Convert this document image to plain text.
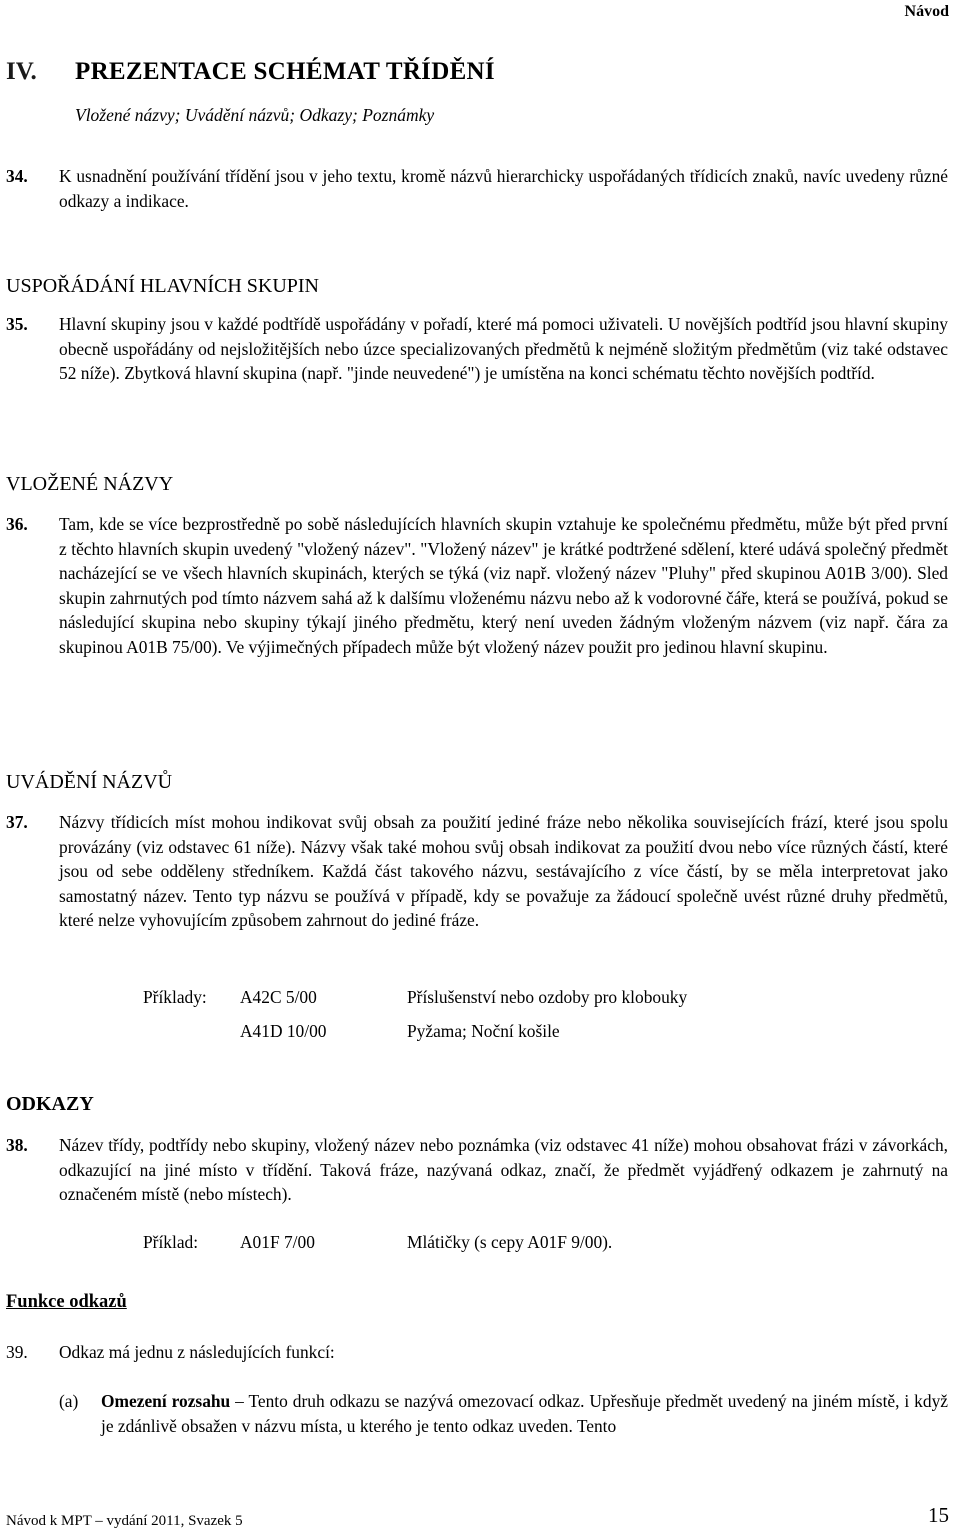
Návod
IV. PREZENTACE SCHÉMAT TŘÍDĚNÍ
Vložené názvy; Uvádění názvů; Odkazy; Poznámky
34. K usnadnění používání třídění jsou v jeho textu, kromě názvů hierarchicky uspořádaných třídicích znaků, navíc uvedeny různé odkazy a indikace.
USPOŘÁDÁNÍ HLAVNÍCH SKUPIN
35. Hlavní skupiny jsou v každé podtřídě uspořádány v pořadí, které má pomoci uživateli. U novějších podtříd jsou hlavní skupiny obecně uspořádány od nejsložitějších nebo úzce specializovaných předmětů k nejméně složitým předmětům (viz také odstavec 52 níže). Zbytková hlavní skupina (např. "jinde neuvedené") je umístěna na konci schématu těchto novějších podtříd.
VLOŽENÉ NÁZVY
36. Tam, kde se více bezprostředně po sobě následujících hlavních skupin vztahuje ke společnému předmětu, může být před první z těchto hlavních skupin uvedený "vložený název". "Vložený název" je krátké podtržené sdělení, které udává společný předmět nacházející se ve všech hlavních skupinách, kterých se týká (viz např. vložený název "Pluhy" před skupinou A01B 3/00). Sled skupin zahrnutých pod tímto názvem sahá až k dalšímu vloženému názvu nebo až k vodorovné čáře, která se používá, pokud se následující skupina nebo skupiny týkají jiného předmětu, který není uveden žádným vloženým názvem (viz např. čára za skupinou A01B 75/00). Ve výjimečných případech může být vložený název použit pro jedinou hlavní skupinu.
UVÁDĚNÍ NÁZVŮ
37. Názvy třídicích míst mohou indikovat svůj obsah za použití jediné fráze nebo několika souvisejících frází, které jsou spolu provázány (viz odstavec 61 níže). Názvy však také mohou svůj obsah indikovat za použití dvou nebo více různých částí, které jsou od sebe odděleny středníkem. Každá část takového názvu, sestávajícího z více částí, by se měla interpretovat jako samostatný název. Tento typ názvu se používá v případě, kdy se považuje za žádoucí společně uvést různé druhy předmětů, které nelze vyhovujícím způsobem zahrnout do jediné fráze.
Příklady: A42C 5/00	Příslušenství nebo ozdoby pro klobouky
A41D 10/00	Pyžama; Noční košile
ODKAZY
38. Název třídy, podtřídy nebo skupiny, vložený název nebo poznámka (viz odstavec 41 níže) mohou obsahovat frázi v závorkách, odkazující na jiné místo v třídění. Taková fráze, nazývaná odkaz, značí, že předmět vyjádřený odkazem je zahrnutý na označeném místě (nebo místech).
Příklad: A01F 7/00	Mlátičky (s cepy A01F 9/00).
Funkce odkazů
39. Odkaz má jednu z následujících funkcí:
(a) Omezení rozsahu – Tento druh odkazu se nazývá omezovací odkaz. Upřesňuje předmět uvedený na jiném místě, i když je zdánlivě obsažen v názvu místa, u kterého je tento odkaz uveden. Tento
Návod k MPT – vydání 2011, Svazek 5	15
